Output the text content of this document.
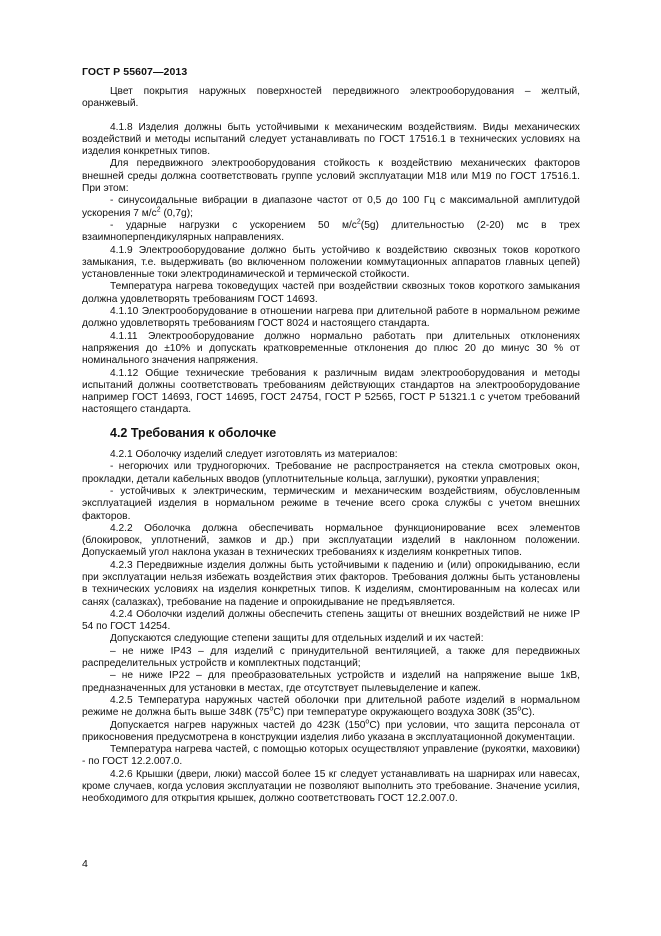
ГОСТ Р 55607—2013

Цвет покрытия наружных поверхностей передвижного электрооборудования – желтый, оранжевый.

4.1.8 Изделия должны быть устойчивыми к механическим воздействиям. Виды механических воздействий и методы испытаний следует устанавливать по ГОСТ 17516.1 в технических условиях на изделия конкретных типов.

Для передвижного электрооборудования стойкость к воздействию механических факторов внешней среды должна соответствовать группе условий эксплуатации М18 или М19 по ГОСТ 17516.1. При этом:

- синусоидальные вибрации в диапазоне частот от 0,5 до 100 Гц с максимальной амплитудой ускорения 7 $м/с^2$ (0,7g);

- ударные нагрузки с ускорением 50 $м/с^2(5g)$ длительностью (2-20) мс в трех взаимноперпендикулярных направлениях.

4.1.9 Электрооборудование должно быть устойчиво к воздействию сквозных токов короткого замыкания, т.е. выдерживать (во включенном положении коммутационных аппаратов главных цепей) установленные токи электродинамической и термической стойкости.

Температура нагрева токоведущих частей при воздействии сквозных токов короткого замыкания должна удовлетворять требованиям ГОСТ 14693.

4.1.10 Электрооборудование в отношении нагрева при длительной работе в нормальном режиме должно удовлетворять требованиям ГОСТ 8024 и настоящего стандарта.

4.1.11 Электрооборудование должно нормально работать при длительных отклонениях напряжения до ±10% и допускать кратковременные отклонения до плюс 20 до минус 30 % от номинального значения напряжения.

4.1.12 Общие технические требования к различным видам электрооборудования и методы испытаний должны соответствовать требованиям действующих стандартов на электрооборудование например ГОСТ 14693, ГОСТ 14695, ГОСТ 24754, ГОСТ Р 52565, ГОСТ Р 51321.1 с учетом требований настоящего стандарта.

4.2 Требования к оболочке

4.2.1 Оболочку изделий следует изготовлять из материалов:

- негорючих или трудногорючих. Требование не распространяется на стекла смотровых окон, прокладки, детали кабельных вводов (уплотнительные кольца, заглушки), рукоятки управления;

- устойчивых к электрическим, термическим и механическим воздействиям, обусловленным эксплуатацией изделия в нормальном режиме в течение всего срока службы с учетом внешних факторов.

4.2.2 Оболочка должна обеспечивать нормальное функционирование всех элементов (блокировок, уплотнений, замков и др.) при эксплуатации изделий в наклонном положении. Допускаемый угол наклона указан в технических требованиях к изделиям конкретных типов.

4.2.3 Передвижные изделия должны быть устойчивыми к падению и (или) опрокидыванию, если при эксплуатации нельзя избежать воздействия этих факторов. Требования должны быть установлены в технических условиях на изделия конкретных типов. К изделиям, смонтированным на колесах или санях (салазках), требование на падение и опрокидывание не предъявляется.

4.2.4 Оболочки изделий должны обеспечить степень защиты от внешних воздействий не ниже IP 54 по ГОСТ 14254.

Допускаются следующие степени защиты для отдельных изделий и их частей:

– не ниже IP43 – для изделий с принудительной вентиляцией, а также для передвижных распределительных устройств и комплектных подстанций;

– не ниже IP22 – для преобразовательных устройств и изделий на напряжение выше 1кВ, предназначенных для установки в местах, где отсутствует пылевыделение и капеж.

4.2.5 Температура наружных частей оболочки при длительной работе изделий в нормальном режиме не должна быть выше 348К (75$^o$С) при температуре окружающего воздуха 308К (35$^o$С).

Допускается нагрев наружных частей до 423К (150$^o$С) при условии, что защита персонала от прикосновения предусмотрена в конструкции изделия либо указана в эксплуатационной документации.

Температура нагрева частей, с помощью которых осуществляют управление (рукоятки, маховики) - по ГОСТ 12.2.007.0.

4.2.6 Крышки (двери, люки) массой более 15 кг следует устанавливать на шарнирах или навесах, кроме случаев, когда условия эксплуатации не позволяют выполнить это требование. Значение усилия, необходимого для открытия крышек, должно соответствовать ГОСТ 12.2.007.0.

4
